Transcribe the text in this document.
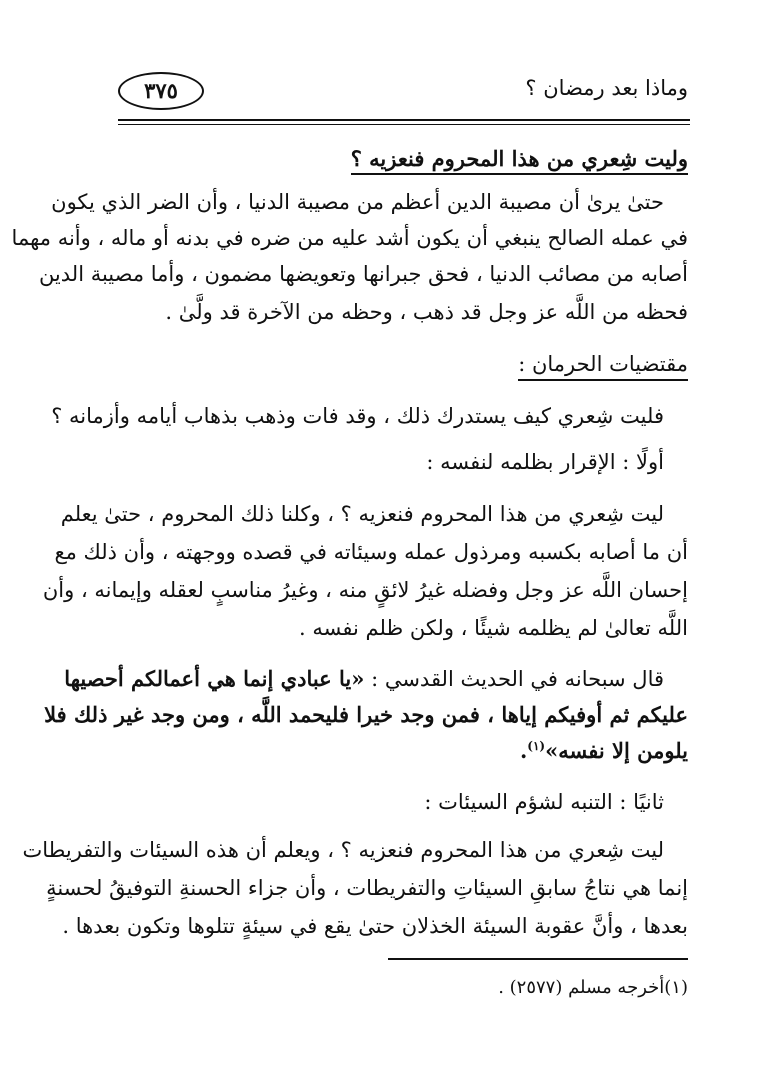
وماذا بعد رمضان ؟
٣٧٥
وليت شِعري من هذا المحروم فنعزيه ؟
حتىٰ يرىٰ أن مصيبة الدين أعظم من مصيبة الدنيا ، وأن الضر الذي يكون
في عمله الصالح ينبغي أن يكون أشد عليه من ضره في بدنه أو ماله ، وأنه مهما
أصابه من مصائب الدنيا ، فحق جبرانها وتعويضها مضمون ، وأما مصيبة الدين
فحظه من اللَّه عز وجل قد ذهب ، وحظه من الآخرة قد ولَّىٰ .
مقتضيات الحرمان :
فليت شِعري كيف يستدرك ذلك ، وقد فات وذهب بذهاب أيامه وأزمانه ؟
أولًا : الإقرار بظلمه لنفسه :
ليت شِعري من هذا المحروم فنعزيه ؟ ، وكلنا ذلك المحروم ، حتىٰ يعلم
أن ما أصابه بكسبه ومرذول عمله وسيئاته في قصده ووجهته ، وأن ذلك مع
إحسان اللَّه عز وجل وفضله غيرُ لائقٍ منه ، وغيرُ مناسبٍ لعقله وإيمانه ، وأن
اللَّه تعالىٰ لم يظلمه شيئًا ، ولكن ظلم نفسه .
قال سبحانه في الحديث القدسي : «يا عبادي إنما هي أعمالكم أحصيها
عليكم ثم أوفيكم إياها ، فمن وجد خيرا فليحمد اللَّه ، ومن وجد غير ذلك فلا
يلومن إلا نفسه»$^{(١)}$.
ثانيًا : التنبه لشؤم السيئات :
ليت شِعري من هذا المحروم فنعزيه ؟ ، ويعلم أن هذه السيئات والتفريطات
إنما هي نتاجُ سابقِ السيئاتِ والتفريطات ، وأن جزاء الحسنةِ التوفيقُ لحسنةٍ
بعدها ، وأنَّ عقوبة السيئة الخذلان حتىٰ يقع في سيئةٍ تتلوها وتكون بعدها .
(١)أخرجه مسلم (٢٥٧٧) .
